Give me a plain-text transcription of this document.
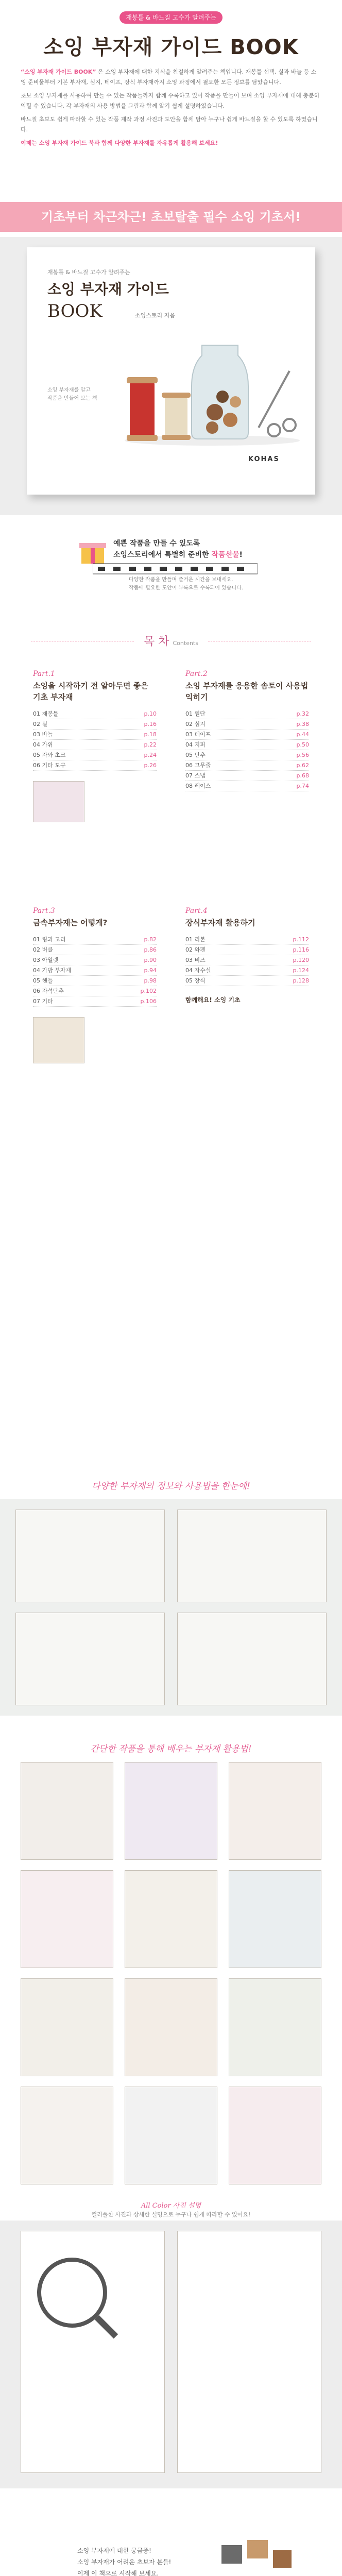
재봉틀 & 바느질 고수가 알려주는
소잉 부자재 가이드 BOOK

“소잉 부자재 가이드 BOOK” 은 소잉 부자재에 대한 지식을 친절하게 알려주는 책입니다. 재봉틀 선택, 실과 바늘 등 소잉 준비물부터 기본 부자재, 심지, 테이프, 장식 부자재까지 소잉 과정에서 필요한 모든 정보를 담았습니다.

초보 소잉 부자재를 사용하여 만들 수 있는 작품들까지 함께 수록하고 있어 작품을 만들어 보며 소잉 부자재에 대해 충분히 익힐 수 있습니다. 각 부자재의 사용 방법을 그림과 함께 알기 쉽게 설명하였습니다.

바느질 초보도 쉽게 따라할 수 있는 작품 제작 과정 사진과 도안을 함께 담아 누구나 쉽게 바느질을 할 수 있도록 하였습니다.

이제는 소잉 부자재 가이드 북과 함께 다양한 부자재를 자유롭게 활용해 보세요!

기초부터 차근차근! 초보탈출 필수 소잉 기초서!
재봉틀 & 바느질 고수가 알려주는
소잉 부자재 가이드
BOOK	소잉스토리 지음
소잉 부자재를 알고
작품을 만들어 보는 책
KOHAS
예쁜 작품을 만들 수 있도록
소잉스토리에서 특별히 준비한 작품선물!
다양한 작품을 만들며 즐거운 시간을 보내세요.
작품에 필요한 도안이 부록으로 수록되어 있습니다.
목 차 Contents
Part.1
소잉을 시작하기 전 알아두면 좋은 기초 부자재
01 재봉틀	p.10
02 실	p.16
03 바늘	p.18
04 가위	p.22
05 자와 초크	p.24
06 기타 도구	p.26
Part.2
소잉 부자재를 응용한 솜토이 사용법 익히기
01 원단	p.32
02 심지	p.38
03 테이프	p.44
04 지퍼	p.50
05 단추	p.56
06 고무줄	p.62
07 스냅	p.68
08 레이스	p.74
Part.3
금속부자재는 어떻게?
01 링과 고리	p.82
02 버클	p.86
03 아일렛	p.90
04 가방 부자재	p.94
05 핸들	p.98
06 자석단추	p.102
07 기타	p.106
Part.4
장식부자재 활용하기
01 리본	p.112
02 와펜	p.116
03 비즈	p.120
04 자수실	p.124
05 장식	p.128
함께해요! 소잉 기초
다양한 부자재의 정보와 사용법을 한눈에!
간단한 작품을 통해 배우는 부자재 활용법!
All Color 사진 설명
컬러풀한 사진과 상세한 설명으로 누구나 쉽게 따라할 수 있어요!
소잉 부자재에 대한 궁금증!
소잉 부자재가 어려운 초보자 분들!
이제 이 책으로 시작해 보세요.
